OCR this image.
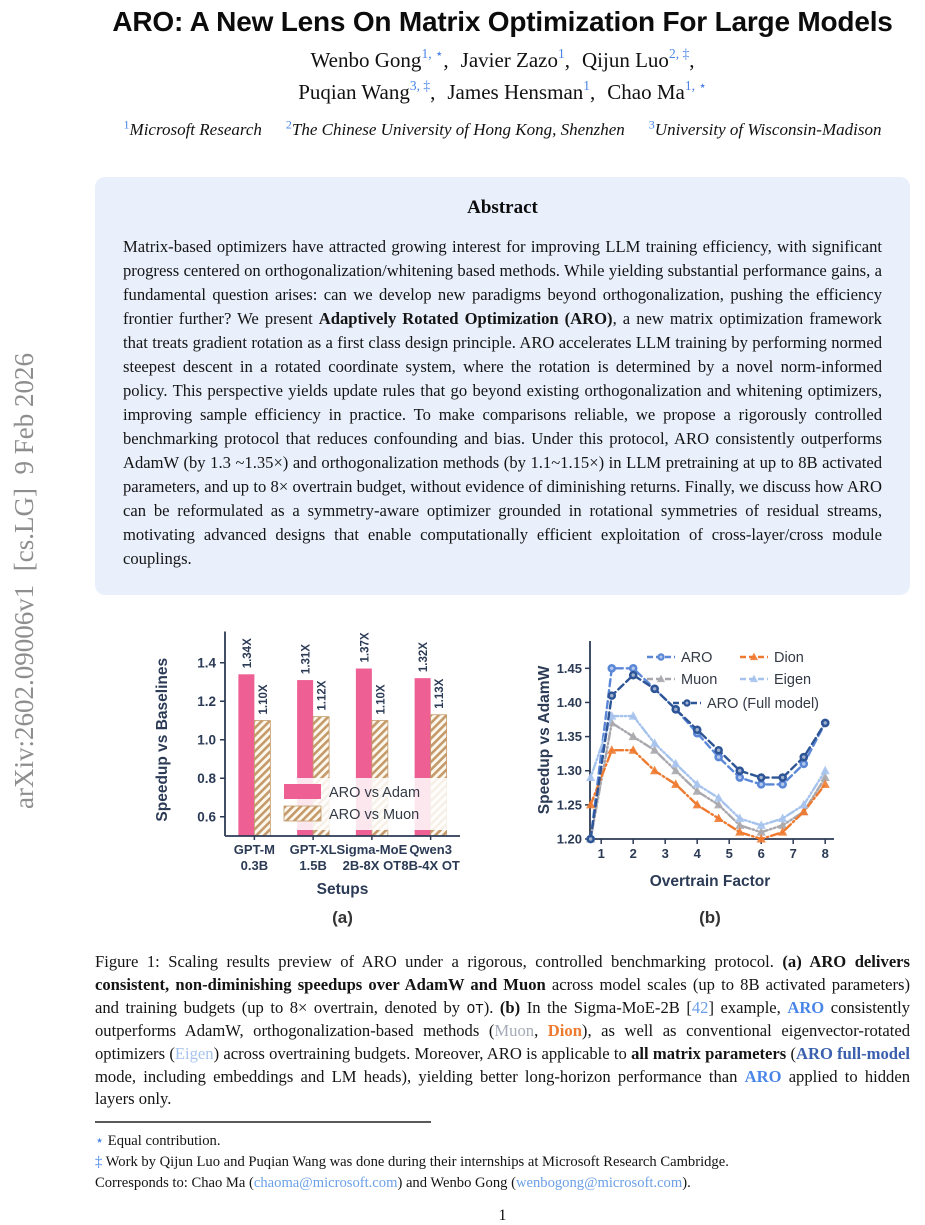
arXiv:2602.09006v1  [cs.LG]  9 Feb 2026
ARO: A New Lens On Matrix Optimization For Large Models
Wenbo Gong$^{1, ⋆}$, Javier Zazo$^1$, Qijun Luo$^{2, \ddagger}$,
Puqian Wang$^{3, \ddagger}$, James Hensman$^1$, Chao $Ma^{1, ⋆}$
$^1$Microsoft Research $^2$The Chinese University of Hong Kong, Shenzhen $^3$University of Wisconsin-Madison
Abstract
Matrix-based optimizers have attracted growing interest for improving LLM training efficiency, with significant progress centered on orthogonalization/whitening based methods. While yielding substantial performance gains, a fundamental question arises: can we develop new paradigms beyond orthogonalization, pushing the efficiency frontier further? We present Adaptively Rotated Optimization (ARO), a new matrix optimization framework that treats gradient rotation as a first class design principle. ARO accelerates LLM training by performing normed steepest descent in a rotated coordinate system, where the rotation is determined by a novel norm-informed policy. This perspective yields update rules that go beyond existing orthogonalization and whitening optimizers, improving sample efficiency in practice. To make comparisons reliable, we propose a rigorously controlled benchmarking protocol that reduces confounding and bias. Under this protocol, ARO consistently outperforms AdamW (by 1.3 ~1.35×) and orthogonalization methods (by 1.1~1.15×) in LLM pretraining at up to 8B activated parameters, and up to 8× overtrain budget, without evidence of diminishing returns. Finally, we discuss how ARO can be reformulated as a symmetry-aware optimizer grounded in rotational symmetries of residual streams, motivating advanced designs that enable computationally efficient exploitation of cross-layer/cross module couplings.
1.34X
1.10X
GPT-M
0.3B
1.31X
1.12X
GPT-XL
1.5B
1.37X
1.10X
Sigma-MoE
2B-8X OT
1.32X
1.13X
Qwen3
8B-4X OT
0.6
0.8
1.0
1.2
1.4
ARO vs Adam
ARO vs Muon
Speedup vs Baselines
Setups
(a)
1.20
1.25
1.30
1.35
1.40
1.45
1 2 3 4 5 6 7 8
ARO
Muon
Dion
Eigen
ARO (Full model)
Speedup vs AdamW
Overtrain Factor
(b)
Figure 1: Scaling results preview of ARO under a rigorous, controlled benchmarking protocol. (a) ARO delivers consistent, non-diminishing speedups over AdamW and Muon across model scales (up to 8B activated parameters) and training budgets (up to 8× overtrain, denoted by OT). (b) In the Sigma-MoE-2B [42] example, ARO consistently outperforms AdamW, orthogonalization-based methods (Muon, Dion), as well as conventional eigenvector-rotated optimizers (Eigen) across overtraining budgets. Moreover, ARO is applicable to all matrix parameters (ARO full-model mode, including embeddings and LM heads), yielding better long-horizon performance than ARO applied to hidden layers only.
⋆ Equal contribution.
‡ Work by Qijun Luo and Puqian Wang was done during their internships at Microsoft Research Cambridge.
Corresponds to: Chao Ma (chaoma@microsoft.com) and Wenbo Gong (wenbogong@microsoft.com).
1
